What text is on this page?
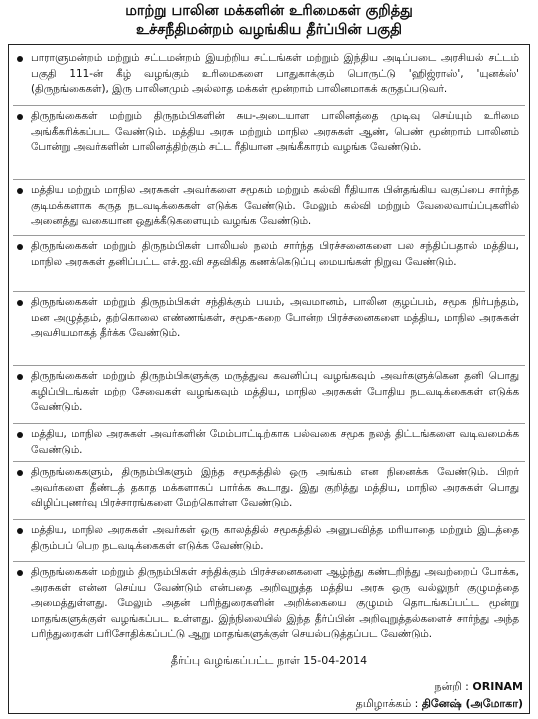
மாற்று பாலின மக்களின் உரிமைகள் குறித்து
உச்சநீதிமன்றம் வழங்கிய தீர்ப்பின் பகுதி
பாராளுமன்றம் மற்றும் சட்டமன்றம் இயற்றிய சட்டங்கள் மற்றும் இந்திய அடிப்படை அரசியல் சட்டம் பகுதி 111-ன் கீழ் வழங்கும் உரிமைகளை பாதுகாக்கும் பொருட்டு 'ஹிஜ்ராஸ்', 'யுனக்ஸ்' (திருநங்கைகள்), இரு பாலினமும் அல்லாத மக்கள் மூன்றாம் பாலினமாகக் கருதப்படுவர்.
திருநங்கைகள் மற்றும் திருநம்பிகளின் சுய-அடையாள பாலினத்தை முடிவு செய்யும் உரிமை அங்கீகரிக்கப்பட வேண்டும். மத்திய அரசு மற்றும் மாநில அரசுகள் ஆண், பெண் மூன்றாம் பாலினம் போன்று அவர்களின் பாலினத்திற்கும் சட்ட ரீதியான அங்கீகாரம் வழங்க வேண்டும்.
மத்திய மற்றும் மாநில அரசுகள் அவர்களை சமூகம் மற்றும் கல்வி ரீதியாக பின்தங்கிய வகுப்பை சார்ந்த குடிமக்களாக கருத நடவடிக்கைகள் எடுக்க வேண்டும். மேலும் கல்வி மற்றும் வேலைவாய்ப்புகளில் அனைத்து வகையான ஒதுக்கீடுகளையும் வழங்க வேண்டும்.
திருநங்கைகள் மற்றும் திருநம்பிகள் பாலியல் நலம் சார்ந்த பிரச்சனைகளை பல சந்திப்பதால் மத்திய, மாநில அரசுகள் தனிப்பட்ட எச்.ஐ.வி சதவிகித கணக்கெடுப்பு மையங்கள் நிறுவ வேண்டும்.
திருநங்கைகள் மற்றும் திருநம்பிகள் சந்திக்கும் பயம், அவமானம், பாலின குழப்பம், சமூக நிர்பந்தம், மன அழுத்தம், தற்கொலை எண்ணங்கள், சமூக-கறை போன்ற பிரச்சனைகளை மத்திய, மாநில அரசுகள் அவசியமாகத் தீர்க்க வேண்டும்.
திருநங்கைகள் மற்றும் திருநம்பிகளுக்கு மருத்துவ கவனிப்பு வழங்கவும் அவர்களுக்கென தனி பொது கழிப்பிடங்கள் மற்ற சேவைகள் வழங்கவும் மத்திய, மாநில அரசுகள் போதிய நடவடிக்கைகள் எடுக்க வேண்டும்.
மத்திய, மாநில அரசுகள் அவர்களின் மேம்பாட்டிற்காக பல்வகை சமூக நலத் திட்டங்களை வடிவமைக்க வேண்டும்.
திருநங்கைகளும், திருநம்பிகளும் இந்த சமூகத்தில் ஒரு அங்கம் என நினைக்க வேண்டும். பிறர் அவர்களை தீண்டத் தகாத மக்களாகப் பார்க்க கூடாது. இது குறித்து மத்திய, மாநில அரசுகள் பொது விழிப்புணர்வு பிரச்சாரங்களை மேற்கொள்ள வேண்டும்.
மத்திய, மாநில அரசுகள் அவர்கள் ஒரு காலத்தில் சமூகத்தில் அனுபவித்த மரியாதை மற்றும் இடத்தை திரும்பப் பெற நடவடிக்கைகள் எடுக்க வேண்டும்.
திருநங்கைகள் மற்றும் திருநம்பிகள் சந்திக்கும் பிரச்சனைகளை ஆழ்ந்து கண்டறிந்து அவற்றைப் போக்க, அரசுகள் என்ன செய்ய வேண்டும் என்பதை அறிவுறுத்த மத்திய அரசு ஒரு வல்லுநர் குழுமத்தை அமைத்துள்ளது. மேலும் அதன் பரிந்துரைகளின் அறிக்கையை குழுமம் தொடங்கப்பட்ட மூன்று மாதங்களுக்குள் வழங்கப்பட உள்ளது. இந்நிலையில் இந்த தீர்ப்பின் அறிவுறுத்தல்களைச் சார்ந்து அந்த பரிந்துரைகள் பரிசோதிக்கப்பட்டு ஆறு மாதங்களுக்குள் செயல்படுத்தப்பட வேண்டும்.
தீர்ப்பு வழங்கப்பட்ட நாள் 15-04-2014
நன்றி : ORINAM
தமிழாக்கம் : தினேஷ் (அமோகா)
